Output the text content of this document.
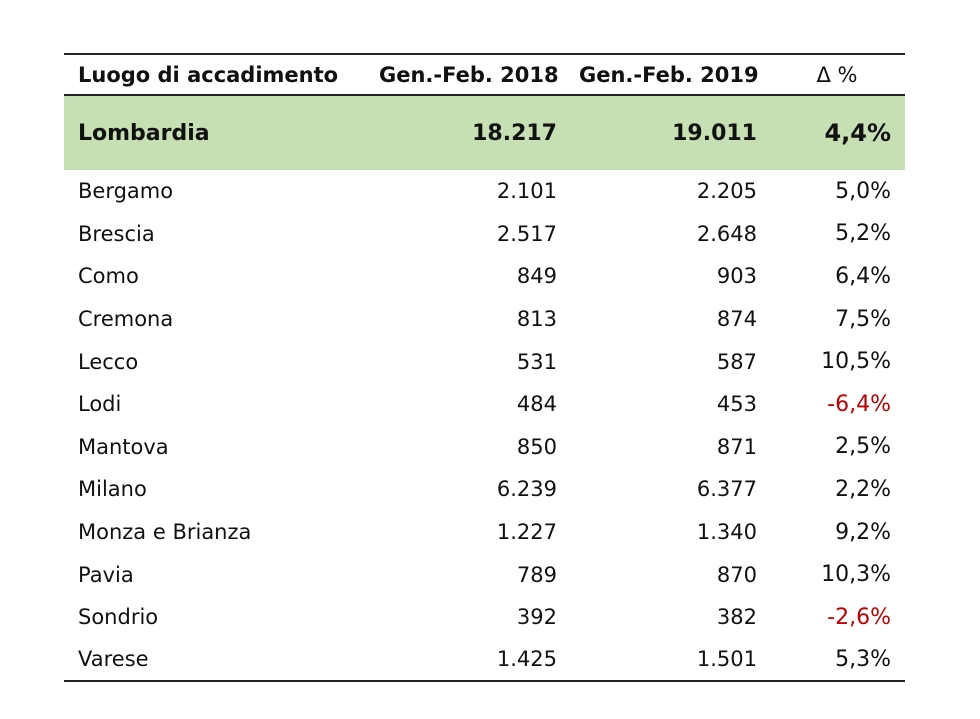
Luogo di accadimento	Gen.-Feb. 2018	Gen.-Feb. 2019	Δ %
Lombardia	18.217	19.011	4,4%
Bergamo	2.101	2.205	5,0%
Brescia	2.517	2.648	5,2%
Como	849	903	6,4%
Cremona	813	874	7,5%
Lecco	531	587	10,5%
Lodi	484	453	-6,4%
Mantova	850	871	2,5%
Milano	6.239	6.377	2,2%
Monza e Brianza	1.227	1.340	9,2%
Pavia	789	870	10,3%
Sondrio	392	382	-2,6%
Varese	1.425	1.501	5,3%
